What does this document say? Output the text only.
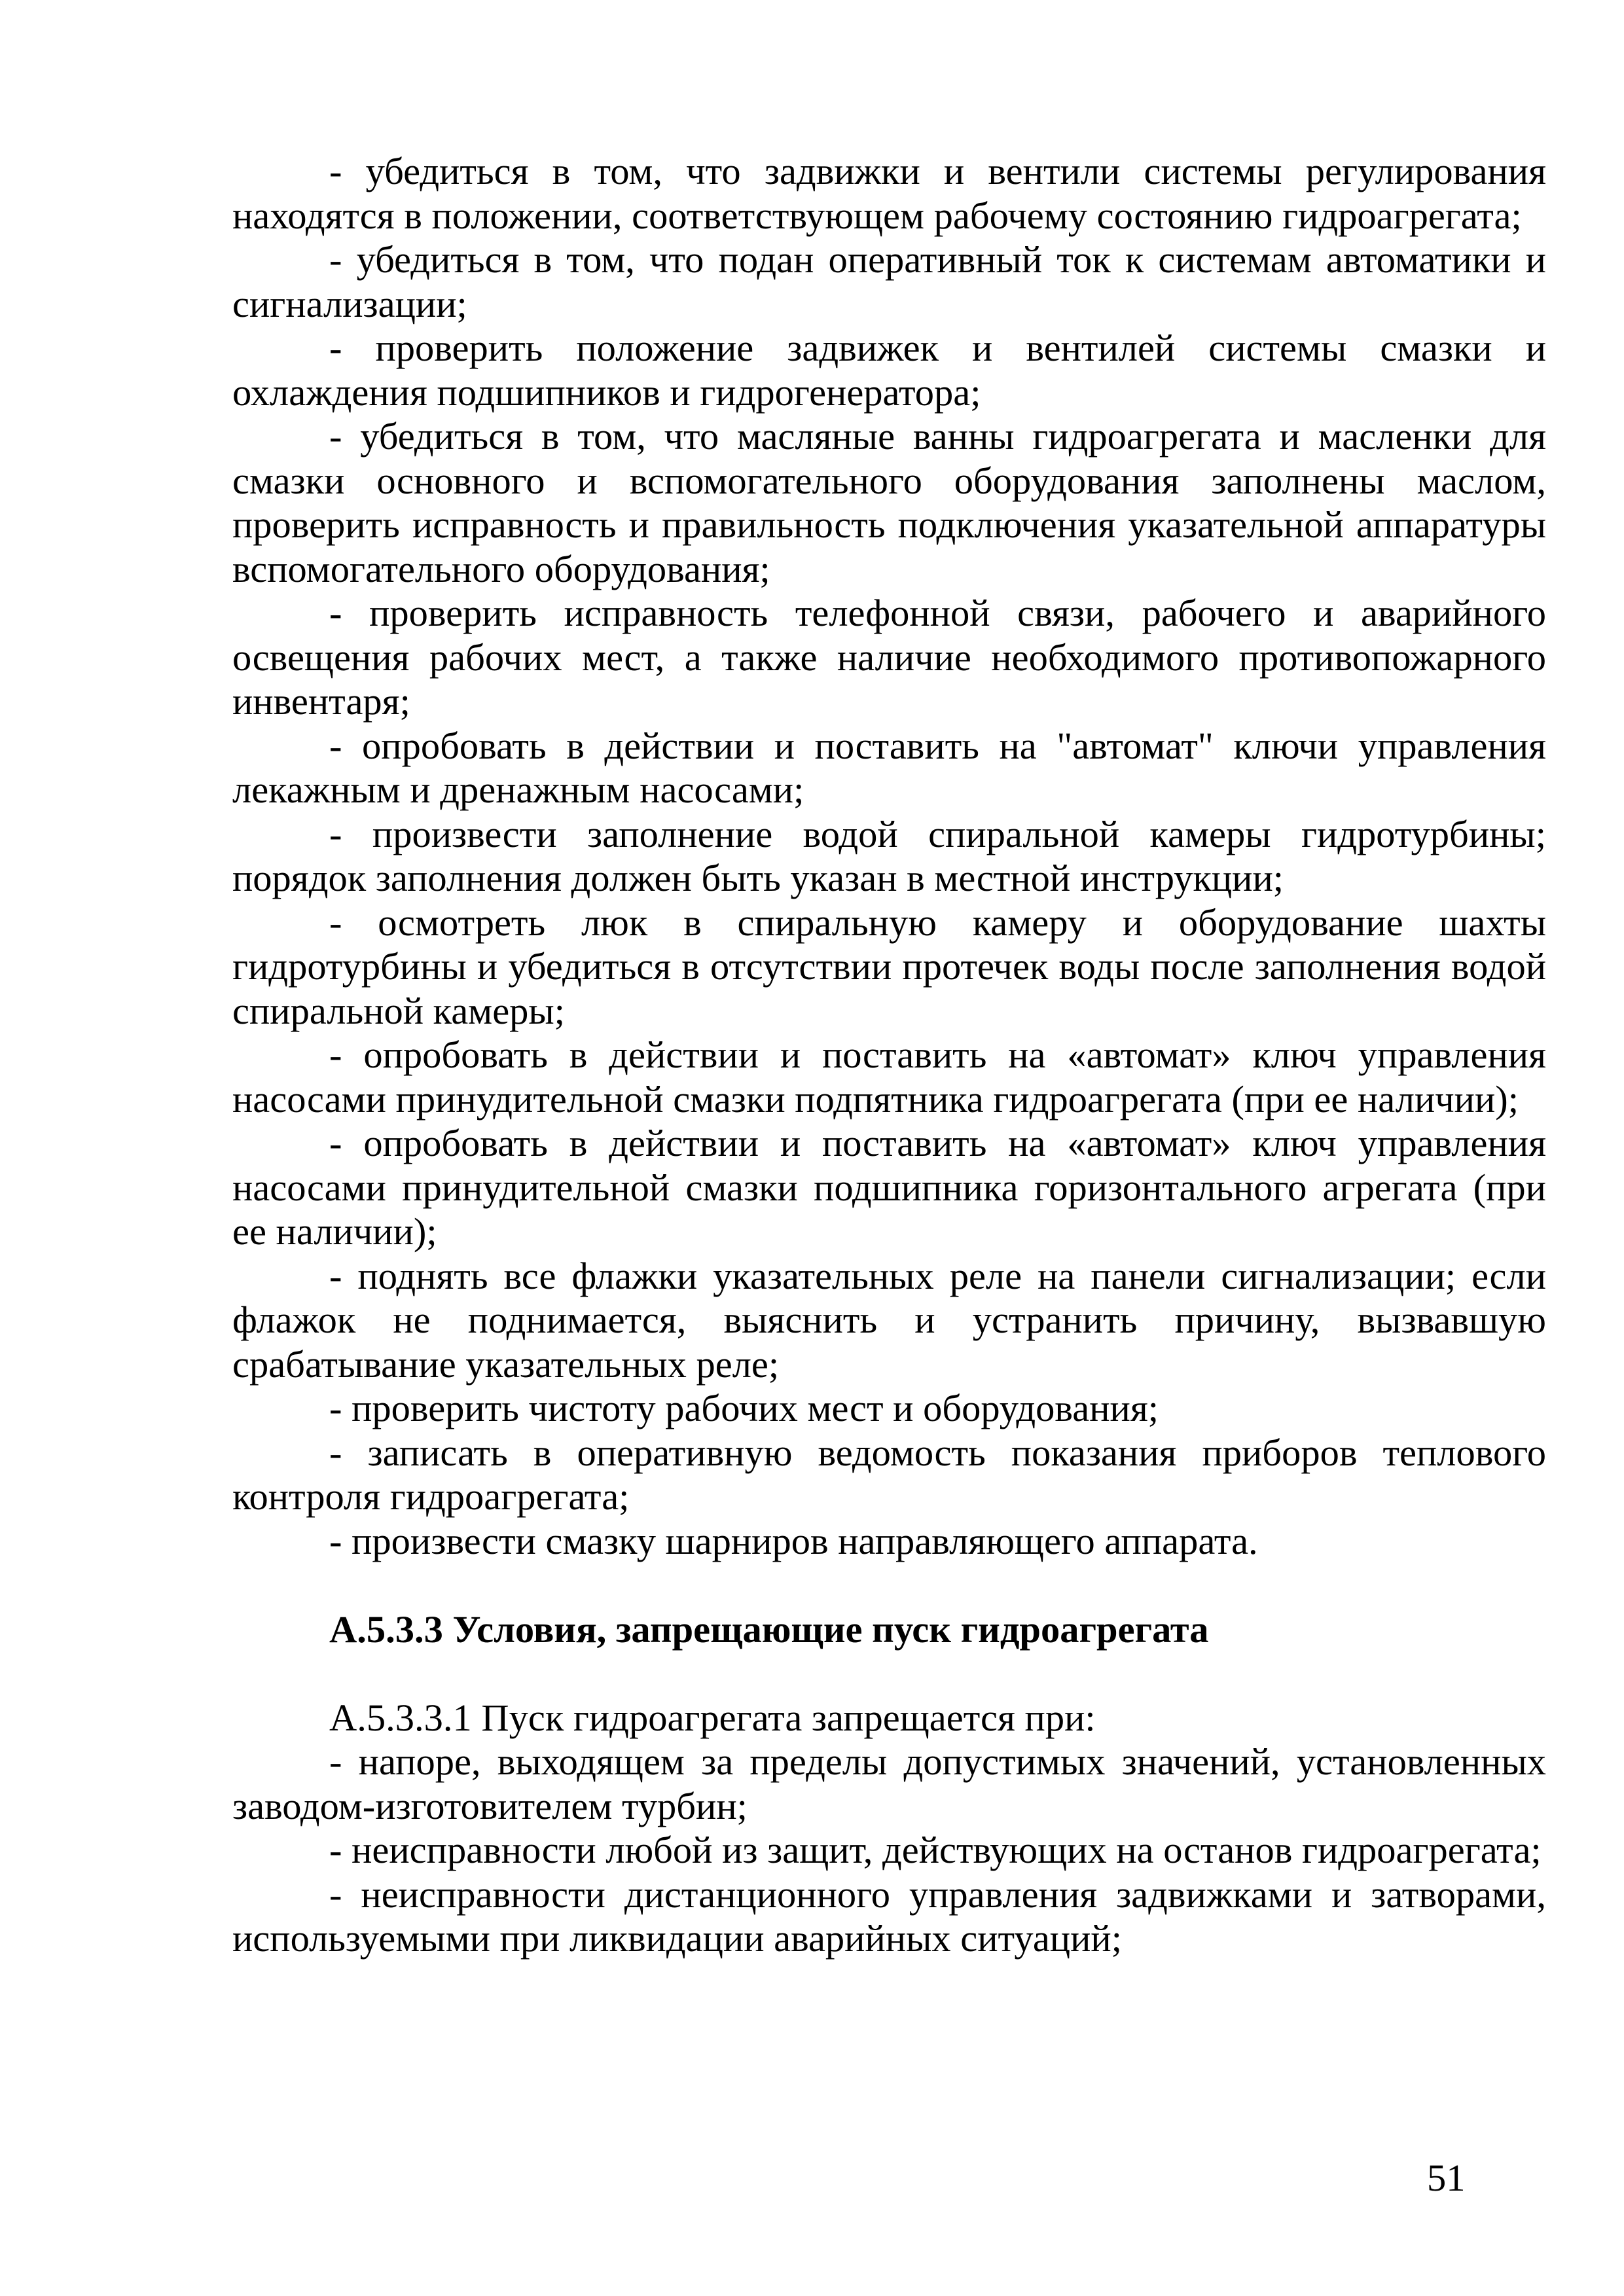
- убедиться в том, что задвижки и вентили системы регулирования находятся в положении, соответствующем рабочему состоянию гидроагрегата;

- убедиться в том, что подан оперативный ток к системам автоматики и сигнализации;

- проверить положение задвижек и вентилей системы смазки и охлаждения подшипников и гидрогенератора;

- убедиться в том, что масляные ванны гидроагрегата и масленки для смазки основного и вспомогательного оборудования заполнены маслом, проверить исправность и правильность подключения указательной аппаратуры вспомогательного оборудования;

- проверить исправность телефонной связи, рабочего и аварийного освещения рабочих мест, а также наличие необходимого противопожарного инвентаря;

- опробовать в действии и поставить на "автомат" ключи управления лекажным и дренажным насосами;

- произвести заполнение водой спиральной камеры гидротурбины; порядок заполнения должен быть указан в местной инструкции;

- осмотреть люк в спиральную камеру и оборудование шахты гидротурбины и убедиться в отсутствии протечек воды после заполнения водой спиральной камеры;

- опробовать в действии и поставить на «автомат» ключ управления насосами принудительной смазки подпятника гидроагрегата (при ее наличии);

- опробовать в действии и поставить на «автомат» ключ управления насосами принудительной смазки подшипника горизонтального агрегата (при ее наличии);

- поднять все флажки указательных реле на панели сигнализации; если флажок не поднимается, выяснить и устранить причину, вызвавшую срабатывание указательных реле;

- проверить чистоту рабочих мест и оборудования;

- записать в оперативную ведомость показания приборов теплового контроля гидроагрегата;

- произвести смазку шарниров направляющего аппарата.

А.5.3.3 Условия, запрещающие пуск гидроагрегата

А.5.3.3.1 Пуск гидроагрегата запрещается при:

- напоре, выходящем за пределы допустимых значений, установленных заводом-изготовителем турбин;

- неисправности любой из защит, действующих на останов гидроагрегата;

- неисправности дистанционного управления задвижками и затворами, используемыми при ликвидации аварийных ситуаций;

51
